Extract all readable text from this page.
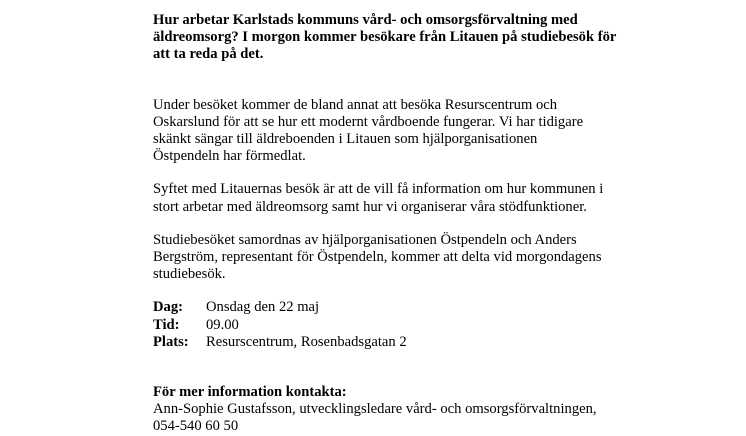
Hur arbetar Karlstads kommuns vård- och omsorgsförvaltning med äldreomsorg? I morgon kommer besökare från Litauen på studiebesök för att ta reda på det.

Under besöket kommer de bland annat att besöka Resurscentrum och Oskarslund för att se hur ett modernt vårdboende fungerar. Vi har tidigare skänkt sängar till äldreboenden i Litauen som hjälporganisationen Östpendeln har förmedlat.

Syftet med Litauernas besök är att de vill få information om hur kommunen i stort arbetar med äldreomsorg samt hur vi organiserar våra stödfunktioner.

Studiebesöket samordnas av hjälporganisationen Östpendeln och Anders Bergström, representant för Östpendeln, kommer att delta vid morgondagens studiebesök.

Dag:	Onsdag den 22 maj
Tid:	09.00
Plats:	Resurscentrum, Rosenbadsgatan 2

För mer information kontakta:

Ann-Sophie Gustafsson, utvecklingsledare vård- och omsorgsförvaltningen,

054-540 60 50
